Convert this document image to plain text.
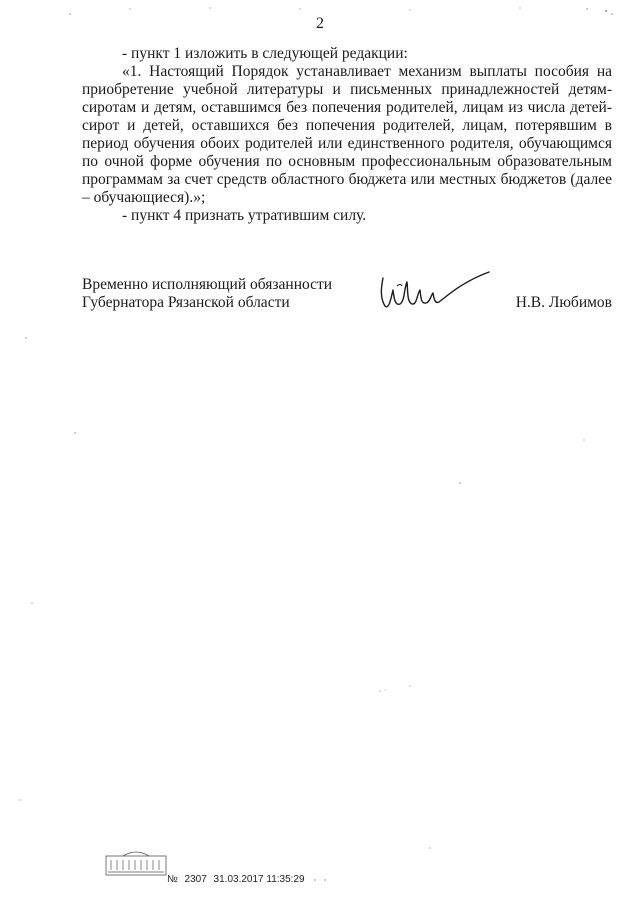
2

- пункт 1 изложить в следующей редакции:

«1. Настоящий Порядок устанавливает механизм выплаты пособия на приобретение учебной литературы и письменных принадлежностей детям-сиротам и детям, оставшимся без попечения родителей, лицам из числа детей-сирот и детей, оставшихся без попечения родителей, лицам, потерявшим в период обучения обоих родителей или единственного родителя, обучающимся по очной форме обучения по основным профессиональным образовательным программам за счет средств областного бюджета или местных бюджетов (далее – обучающиеся).»;

- пункт 4 признать утратившим силу.

Временно исполняющий обязанности
Губернатора Рязанской области	Н.В. Любимов
№ 2307 31.03.2017 11:35:29
